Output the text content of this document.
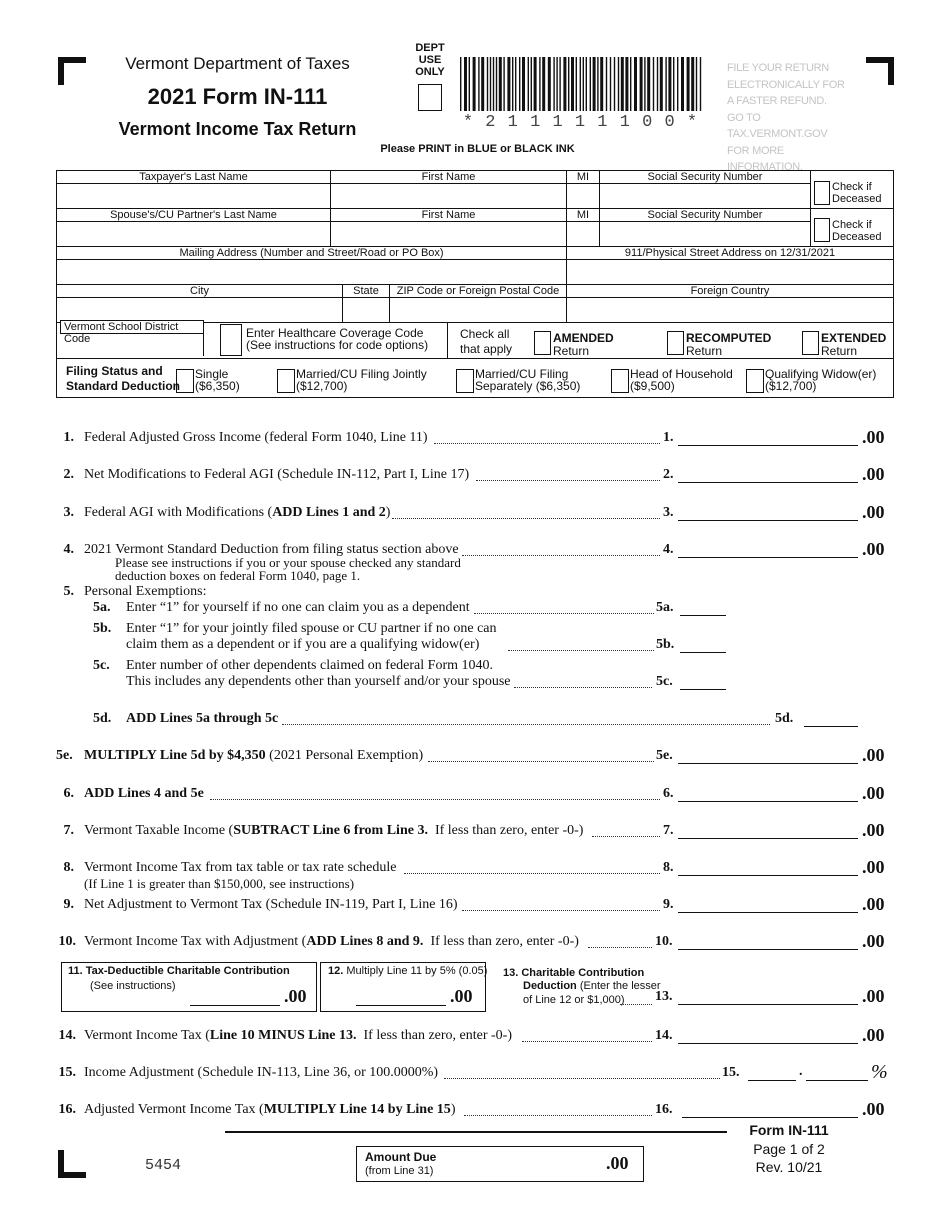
Vermont Department of Taxes
2021 Form IN-111
Vermont Income Tax Return
DEPT
USE
ONLY
* 2 1 1 1 1 1 1 0 0 *
FILE YOUR RETURN ELECTRONICALLY FOR A FASTER REFUND. GO TO TAX.VERMONT.GOV FOR MORE INFORMATION.
Please PRINT in BLUE or BLACK INK
Taxpayer's Last Name	First Name	MI	Social Security Number
Check if Deceased
Spouse's/CU Partner's Last Name	First Name	MI	Social Security Number
Check if Deceased
Mailing Address (Number and Street/Road or PO Box)	911/Physical Street Address on 12/31/2021
City	State	ZIP Code or Foreign Postal Code	Foreign Country
Vermont School District Code	Enter Healthcare Coverage Code
(See instructions for code options)
Check all
that apply
AMENDED
Return
RECOMPUTED
Return
EXTENDED
Return
Filing Status and
Standard Deduction
Single
($6,350)
Married/CU Filing Jointly
($12,700)
Married/CU Filing
Separately ($6,350)
Head of Household
($9,500)
Qualifying Widow(er)
($12,700)
1. Federal Adjusted Gross Income (federal Form 1040, Line 11)	1.	.00
2. Net Modifications to Federal AGI (Schedule IN-112, Part I, Line 17)	2.	.00
3. Federal AGI with Modifications (ADD Lines 1 and 2)	3.	.00
4. 2021 Vermont Standard Deduction from filing status section above	4.	.00
Please see instructions if you or your spouse checked any standard
deduction boxes on federal Form 1040, page 1.
5. Personal Exemptions:
5a. Enter “1” for yourself if no one can claim you as a dependent	5a.
5b. Enter “1” for your jointly filed spouse or CU partner if no one can
claim them as a dependent or if you are a qualifying widow(er)	5b.
5c. Enter number of other dependents claimed on federal Form 1040.
This includes any dependents other than yourself and/or your spouse	5c.
5d. ADD Lines 5a through 5c	5d.
5e. MULTIPLY Line 5d by $4,350 (2021 Personal Exemption)	5e.	.00
6. ADD Lines 4 and 5e	6.	.00
7. Vermont Taxable Income (SUBTRACT Line 6 from Line 3.  If less than zero, enter -0-)	7.	.00
8. Vermont Income Tax from tax table or tax rate schedule	8.	.00
(If Line 1 is greater than $150,000, see instructions)
9. Net Adjustment to Vermont Tax (Schedule IN-119, Part I, Line 16)	9.	.00
10. Vermont Income Tax with Adjustment (ADD Lines 8 and 9.  If less than zero, enter -0-)	10.	.00
11. Tax-Deductible Charitable Contribution
(See instructions)	.00
12. Multiply Line 11 by 5% (0.05)
.00
13. Charitable Contribution
Deduction (Enter the lesser
of Line 12 or $1,000) 13.	.00
14. Vermont Income Tax (Line 10 MINUS Line 13.  If less than zero, enter -0-)	14.	.00
15. Income Adjustment (Schedule IN-113, Line 36, or 100.0000%)	15.	.	%
16. Adjusted Vermont Income Tax (MULTIPLY Line 14 by Line 15)	16.	.00
5454	Amount Due
(from Line 31)	.00
Form IN-111
Page 1 of 2
Rev. 10/21
